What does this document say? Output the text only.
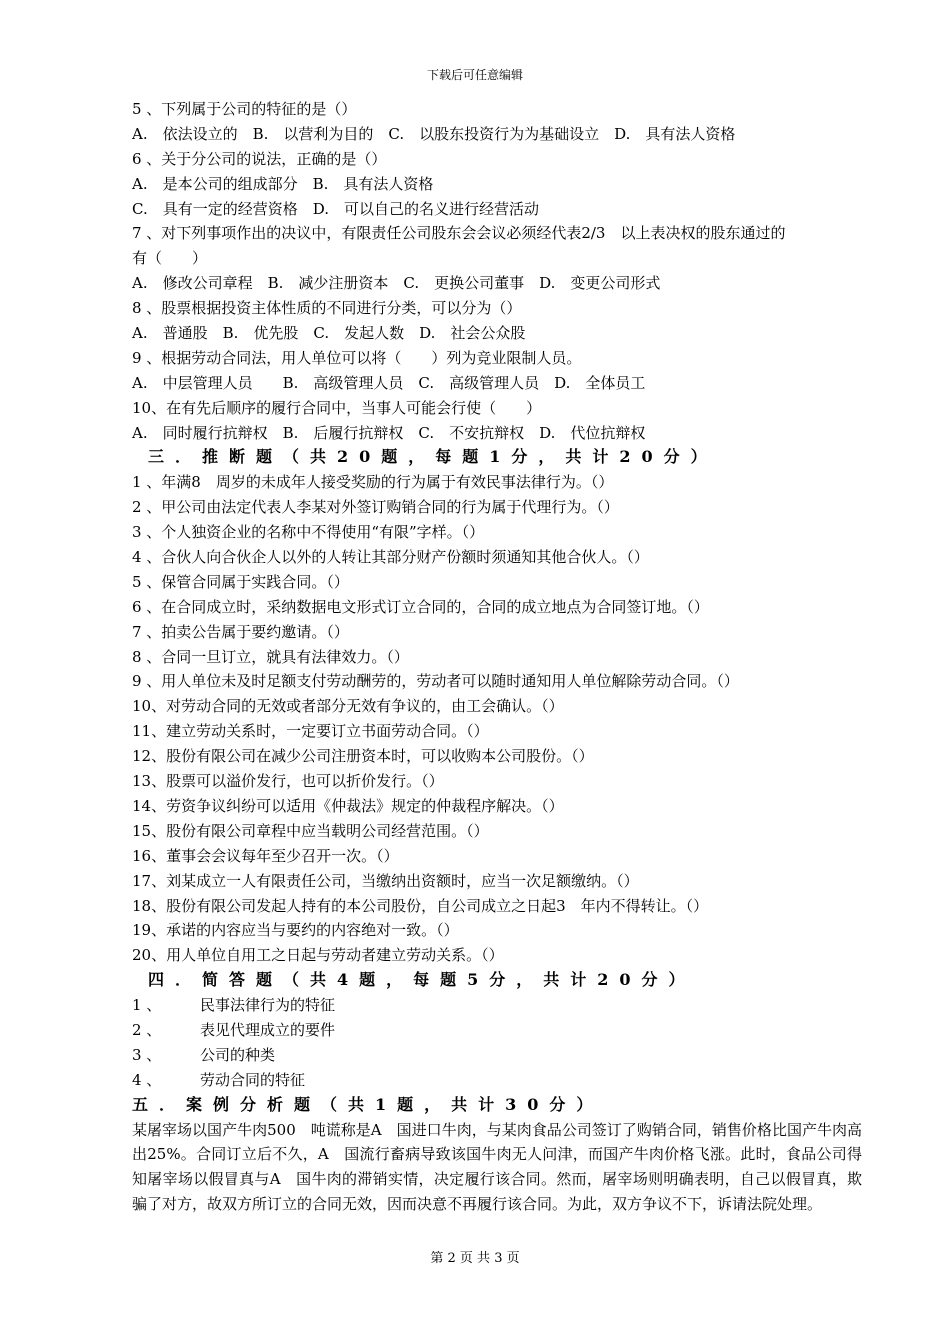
下载后可任意编辑
5 、下列属于公司的特征的是（）
A.　依法设立的　B.　以营利为目的　C.　以股东投资行为为基础设立　D.　具有法人资格
6 、关于分公司的说法，正确的是（）
A.　是本公司的组成部分　B.　具有法人资格
C.　具有一定的经营资格　D.　可以自己的名义进行经营活动
7 、对下列事项作出的决议中，有限责任公司股东会会议必须经代表2/3　以上表决权的股东通过的
有（　　）
A.　修改公司章程　B.　减少注册资本　C.　更换公司董事　D.　变更公司形式
8 、股票根据投资主体性质的不同进行分类，可以分为（）
A.　普通股　B.　优先股　C.　发起人数　D.　社会公众股
9 、根据劳动合同法，用人单位可以将（　　）列为竞业限制人员。
A.　中层管理人员　　B.　高级管理人员　C.　高级管理人员　D.　全体员工
10、在有先后顺序的履行合同中，当事人可能会行使（　　）
A.　同时履行抗辩权　B.　后履行抗辩权　C.　不安抗辩权　D.　代位抗辩权
三．推断题（共20题，每题1分，共计20分）
1 、年满8　周岁的未成年人接受奖励的行为属于有效民事法律行为。（）
2 、甲公司由法定代表人李某对外签订购销合同的行为属于代理行为。（）
3 、个人独资企业的名称中不得使用“有限”字样。（）
4 、合伙人向合伙企人以外的人转让其部分财产份额时须通知其他合伙人。（）
5 、保管合同属于实践合同。（）
6 、在合同成立时，采纳数据电文形式订立合同的，合同的成立地点为合同签订地。（）
7 、拍卖公告属于要约邀请。（）
8 、合同一旦订立，就具有法律效力。（）
9 、用人单位未及时足额支付劳动酬劳的，劳动者可以随时通知用人单位解除劳动合同。（）
10、对劳动合同的无效或者部分无效有争议的，由工会确认。（）
11、建立劳动关系时，一定要订立书面劳动合同。（）
12、股份有限公司在减少公司注册资本时，可以收购本公司股份。（）
13、股票可以溢价发行，也可以折价发行。（）
14、劳资争议纠纷可以适用《仲裁法》规定的仲裁程序解决。（）
15、股份有限公司章程中应当载明公司经营范围。（）
16、董事会会议每年至少召开一次。（）
17、刘某成立一人有限责任公司，当缴纳出资额时，应当一次足额缴纳。（）
18、股份有限公司发起人持有的本公司股份，自公司成立之日起3　年内不得转让。（）
19、承诺的内容应当与要约的内容绝对一致。（）
20、用人单位自用工之日起与劳动者建立劳动关系。（）
四．简答题（共4题，每题5分，共计20分）
1 、	民事法律行为的特征
2 、	表见代理成立的要件
3 、	公司的种类
4 、	劳动合同的特征
五．案例分析题（共1题，共计30分）
某屠宰场以国产牛肉500　吨谎称是A　国进口牛肉，与某肉食品公司签订了购销合同，销售价格比国产牛肉高出25%。合同订立后不久，A　国流行畜病导致该国牛肉无人问津，而国产牛肉价格飞涨。此时，食品公司得知屠宰场以假冒真与A　国牛肉的滞销实情，决定履行该合同。然而，屠宰场则明确表明，自己以假冒真，欺骗了对方，故双方所订立的合同无效，因而决意不再履行该合同。为此，双方争议不下，诉请法院处理。
第 2 页 共 3 页
